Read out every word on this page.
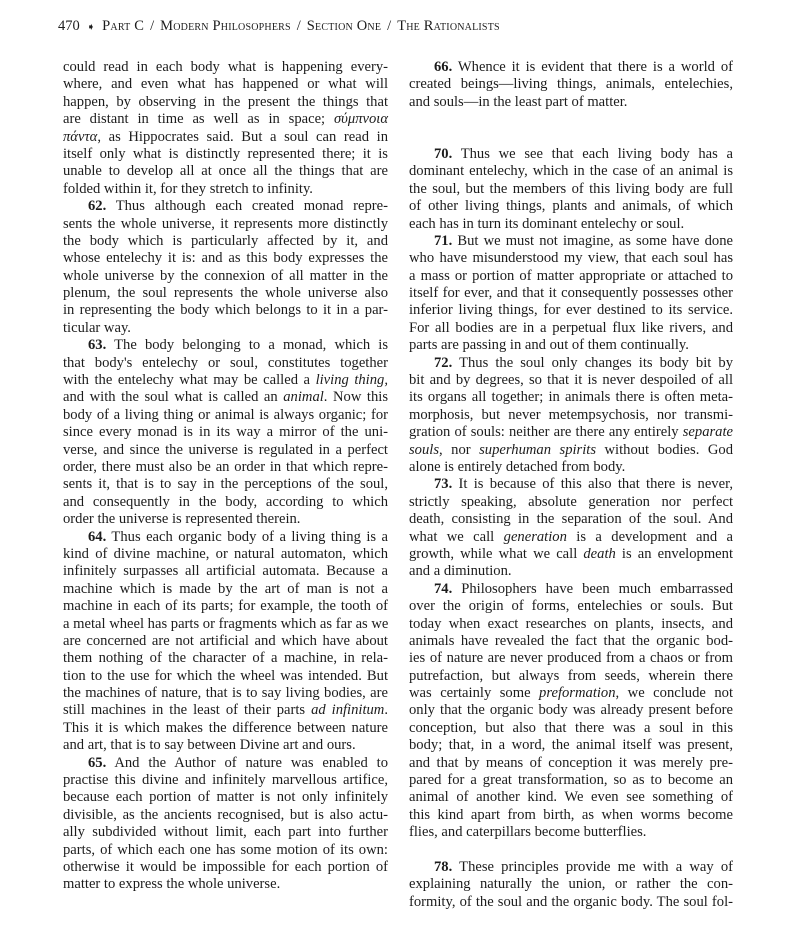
470 ➧ Part C / Modern Philosophers / Section One / The Rationalists
could read in each body what is happening every-
where, and even what has happened or what will
happen, by observing in the present the things that
are distant in time as well as in space; σύμπνοια
πάντα, as Hippocrates said. But a soul can read in
itself only what is distinctly represented there; it is
unable to develop all at once all the things that are
folded within it, for they stretch to infinity.
62. Thus although each created monad repre-
sents the whole universe, it represents more distinctly
the body which is particularly affected by it, and
whose entelechy it is: and as this body expresses the
whole universe by the connexion of all matter in the
plenum, the soul represents the whole universe also
in representing the body which belongs to it in a par-
ticular way.
63. The body belonging to a monad, which is
that body's entelechy or soul, constitutes together
with the entelechy what may be called a living thing,
and with the soul what is called an animal. Now this
body of a living thing or animal is always organic; for
since every monad is in its way a mirror of the uni-
verse, and since the universe is regulated in a perfect
order, there must also be an order in that which repre-
sents it, that is to say in the perceptions of the soul,
and consequently in the body, according to which
order the universe is represented therein.
64. Thus each organic body of a living thing is a
kind of divine machine, or natural automaton, which
infinitely surpasses all artificial automata. Because a
machine which is made by the art of man is not a
machine in each of its parts; for example, the tooth of
a metal wheel has parts or fragments which as far as we
are concerned are not artificial and which have about
them nothing of the character of a machine, in rela-
tion to the use for which the wheel was intended. But
the machines of nature, that is to say living bodies, are
still machines in the least of their parts ad infinitum.
This it is which makes the difference between nature
and art, that is to say between Divine art and ours.
65. And the Author of nature was enabled to
practise this divine and infinitely marvellous artifice,
because each portion of matter is not only infinitely
divisible, as the ancients recognised, but is also actu-
ally subdivided without limit, each part into further
parts, of which each one has some motion of its own:
otherwise it would be impossible for each portion of
matter to express the whole universe.
66. Whence it is evident that there is a world of
created beings—living things, animals, entelechies,
and souls—in the least part of matter.
70. Thus we see that each living body has a
dominant entelechy, which in the case of an animal is
the soul, but the members of this living body are full
of other living things, plants and animals, of which
each has in turn its dominant entelechy or soul.
71. But we must not imagine, as some have done
who have misunderstood my view, that each soul has
a mass or portion of matter appropriate or attached to
itself for ever, and that it consequently possesses other
inferior living things, for ever destined to its service.
For all bodies are in a perpetual flux like rivers, and
parts are passing in and out of them continually.
72. Thus the soul only changes its body bit by
bit and by degrees, so that it is never despoiled of all
its organs all together; in animals there is often meta-
morphosis, but never metempsychosis, nor transmi-
gration of souls: neither are there any entirely separate
souls, nor superhuman spirits without bodies. God
alone is entirely detached from body.
73. It is because of this also that there is never,
strictly speaking, absolute generation nor perfect
death, consisting in the separation of the soul. And
what we call generation is a development and a
growth, while what we call death is an envelopment
and a diminution.
74. Philosophers have been much embarrassed
over the origin of forms, entelechies or souls. But
today when exact researches on plants, insects, and
animals have revealed the fact that the organic bod-
ies of nature are never produced from a chaos or from
putrefaction, but always from seeds, wherein there
was certainly some preformation, we conclude not
only that the organic body was already present before
conception, but also that there was a soul in this
body; that, in a word, the animal itself was present,
and that by means of conception it was merely pre-
pared for a great transformation, so as to become an
animal of another kind. We even see something of
this kind apart from birth, as when worms become
flies, and caterpillars become butterflies.
78. These principles provide me with a way of
explaining naturally the union, or rather the con-
formity, of the soul and the organic body. The soul fol-
